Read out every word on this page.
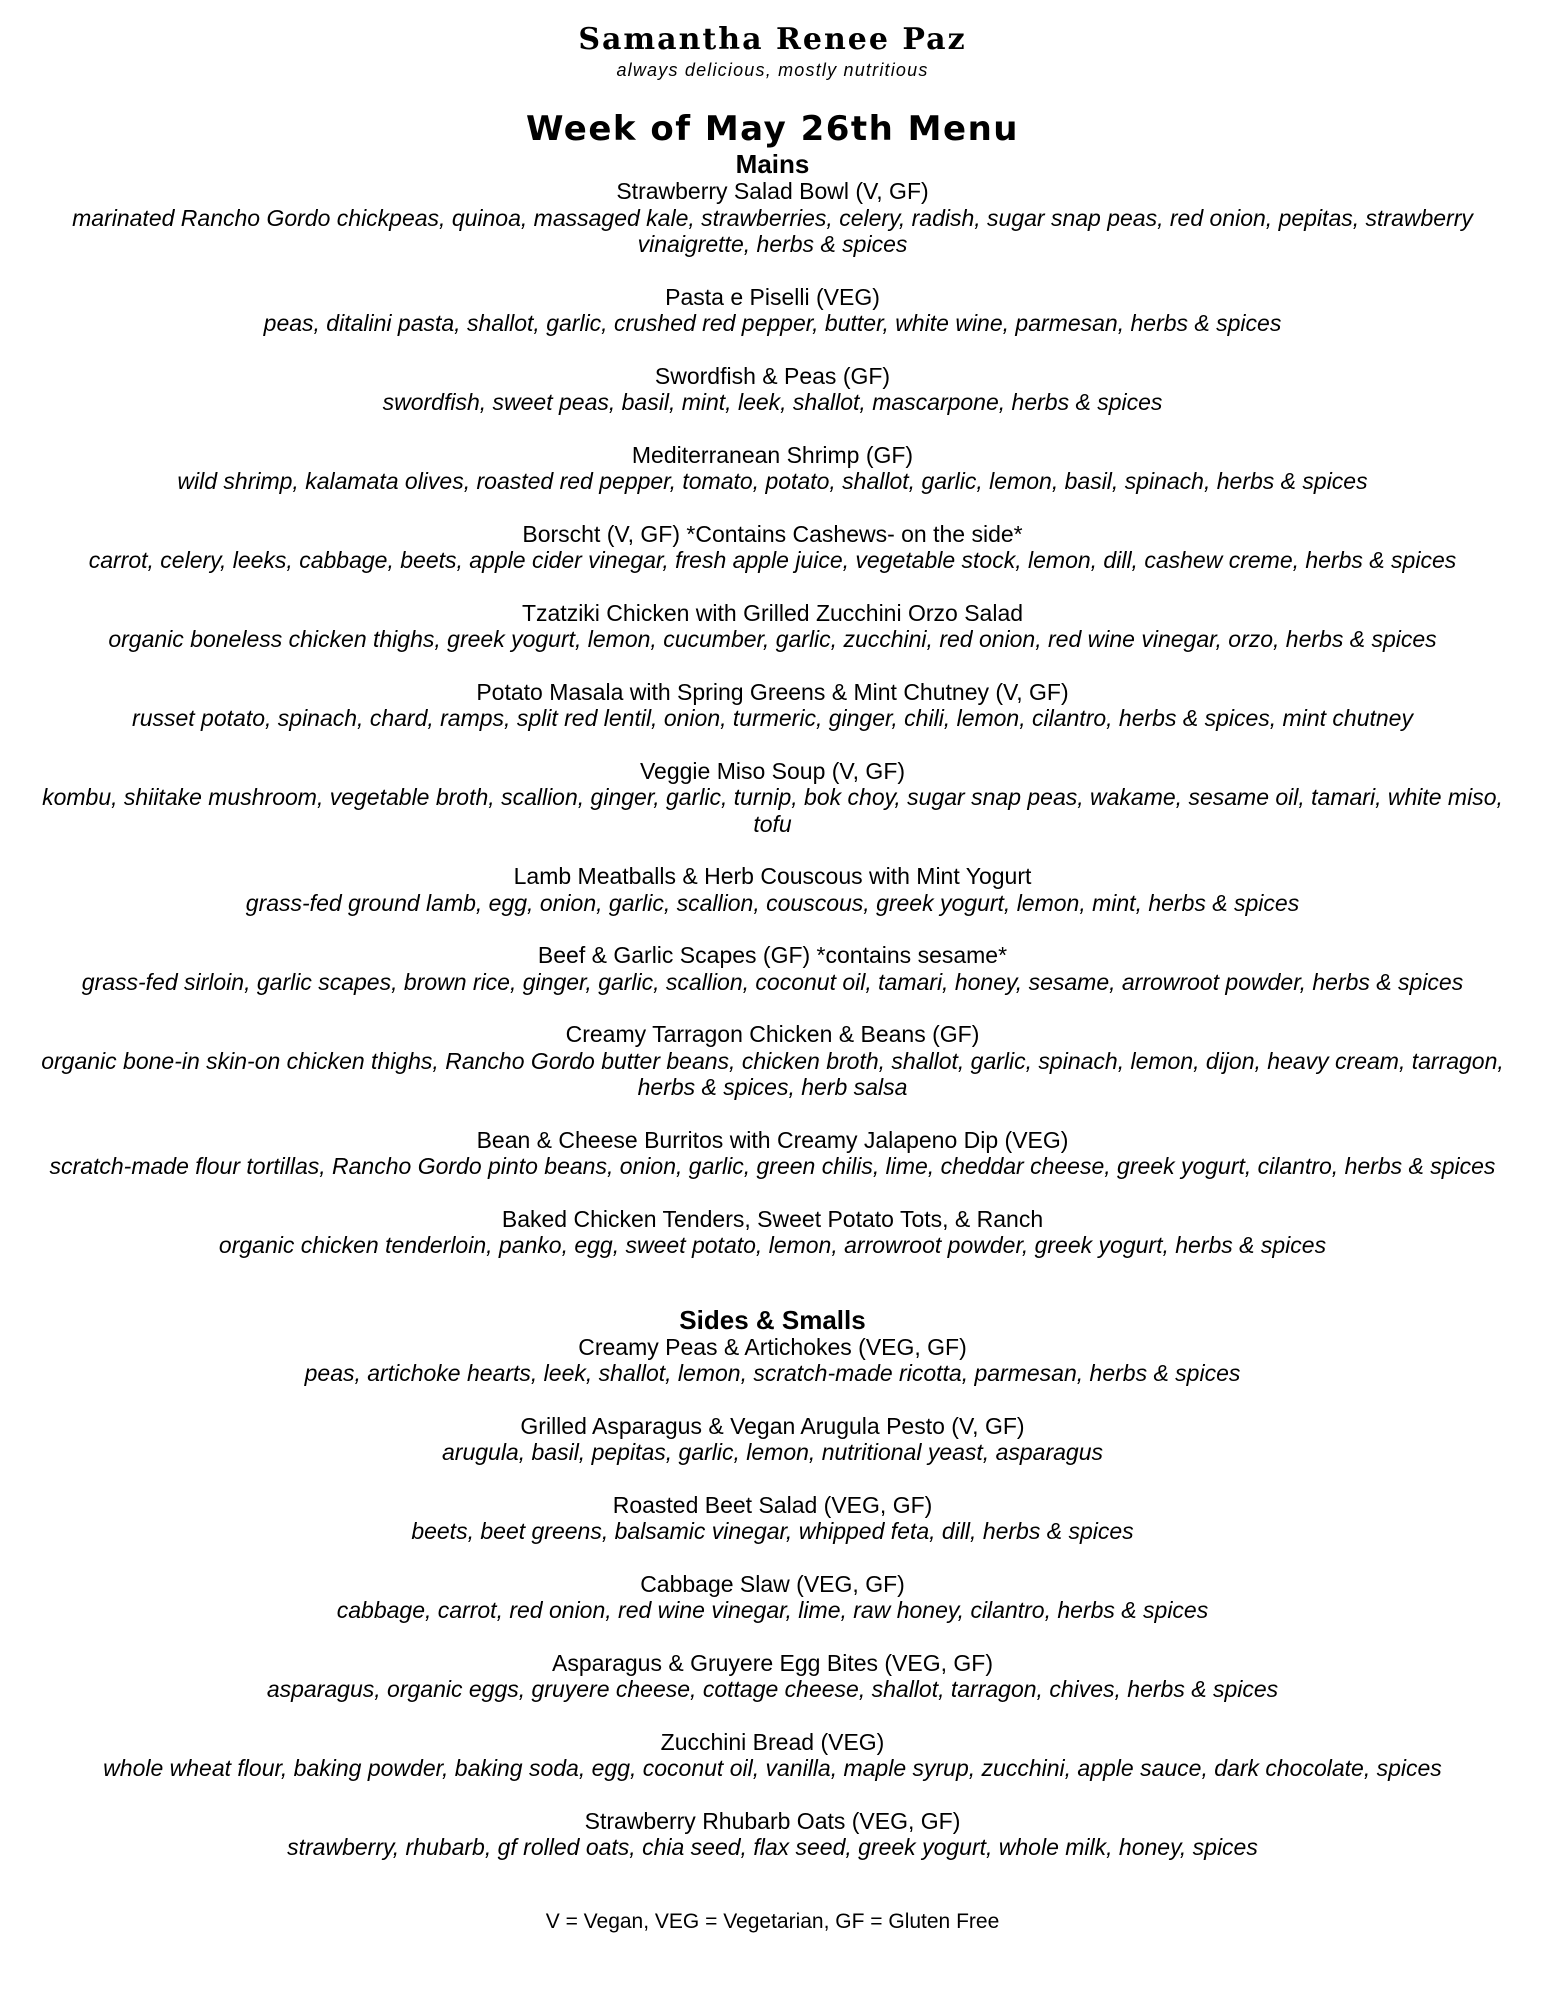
Samantha Renee Paz
always delicious, mostly nutritious
Week of May 26th Menu
Mains
Strawberry Salad Bowl (V, GF)
marinated Rancho Gordo chickpeas, quinoa, massaged kale, strawberries, celery, radish, sugar snap peas, red onion, pepitas, strawberry vinaigrette, herbs & spices
Pasta e Piselli (VEG)
peas, ditalini pasta, shallot, garlic, crushed red pepper, butter, white wine, parmesan, herbs & spices
Swordfish & Peas (GF)
swordfish, sweet peas, basil, mint, leek, shallot, mascarpone, herbs & spices
Mediterranean Shrimp (GF)
wild shrimp, kalamata olives, roasted red pepper, tomato, potato, shallot, garlic, lemon, basil, spinach, herbs & spices
Borscht (V, GF) *Contains Cashews- on the side*
carrot, celery, leeks, cabbage, beets, apple cider vinegar, fresh apple juice, vegetable stock, lemon, dill, cashew creme, herbs & spices
Tzatziki Chicken with Grilled Zucchini Orzo Salad
organic boneless chicken thighs, greek yogurt, lemon, cucumber, garlic, zucchini, red onion, red wine vinegar, orzo, herbs & spices
Potato Masala with Spring Greens & Mint Chutney (V, GF)
russet potato, spinach, chard, ramps, split red lentil, onion, turmeric, ginger, chili, lemon, cilantro, herbs & spices, mint chutney
Veggie Miso Soup (V, GF)
kombu, shiitake mushroom, vegetable broth, scallion, ginger, garlic, turnip, bok choy, sugar snap peas, wakame, sesame oil, tamari, white miso, tofu
Lamb Meatballs & Herb Couscous with Mint Yogurt
grass-fed ground lamb, egg, onion, garlic, scallion, couscous, greek yogurt, lemon, mint, herbs & spices
Beef & Garlic Scapes (GF) *contains sesame*
grass-fed sirloin, garlic scapes, brown rice, ginger, garlic, scallion, coconut oil, tamari, honey, sesame, arrowroot powder, herbs & spices
Creamy Tarragon Chicken & Beans (GF)
organic bone-in skin-on chicken thighs, Rancho Gordo butter beans, chicken broth, shallot, garlic, spinach, lemon, dijon, heavy cream, tarragon, herbs & spices, herb salsa
Bean & Cheese Burritos with Creamy Jalapeno Dip (VEG)
scratch-made flour tortillas, Rancho Gordo pinto beans, onion, garlic, green chilis, lime, cheddar cheese, greek yogurt, cilantro, herbs & spices
Baked Chicken Tenders, Sweet Potato Tots, & Ranch
organic chicken tenderloin, panko, egg, sweet potato, lemon, arrowroot powder, greek yogurt, herbs & spices
Sides & Smalls
Creamy Peas & Artichokes (VEG, GF)
peas, artichoke hearts, leek, shallot, lemon, scratch-made ricotta, parmesan, herbs & spices
Grilled Asparagus & Vegan Arugula Pesto (V, GF)
arugula, basil, pepitas, garlic, lemon, nutritional yeast, asparagus
Roasted Beet Salad (VEG, GF)
beets, beet greens, balsamic vinegar, whipped feta, dill, herbs & spices
Cabbage Slaw (VEG, GF)
cabbage, carrot, red onion, red wine vinegar, lime, raw honey, cilantro, herbs & spices
Asparagus & Gruyere Egg Bites (VEG, GF)
asparagus, organic eggs, gruyere cheese, cottage cheese, shallot, tarragon, chives, herbs & spices
Zucchini Bread (VEG)
whole wheat flour, baking powder, baking soda, egg, coconut oil, vanilla, maple syrup, zucchini, apple sauce, dark chocolate, spices
Strawberry Rhubarb Oats (VEG, GF)
strawberry, rhubarb, gf rolled oats, chia seed, flax seed, greek yogurt, whole milk, honey, spices
V = Vegan, VEG = Vegetarian, GF = Gluten Free
